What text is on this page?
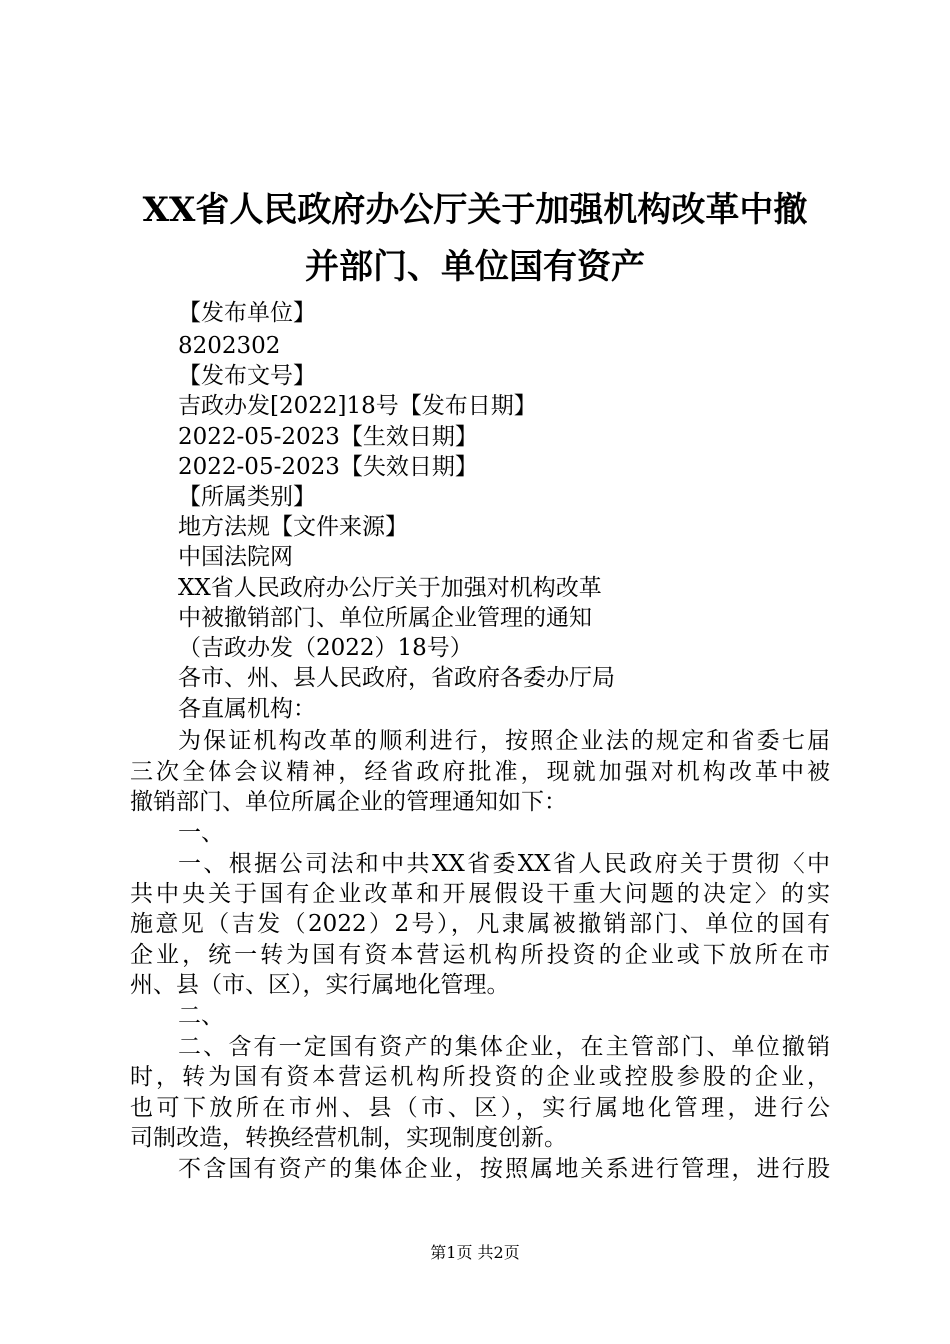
XX省人民政府办公厅关于加强机构改革中撤
并部门、单位国有资产
【发布单位】
8202302
【发布文号】
吉政办发[2022]18号【发布日期】
2022-05-2023【生效日期】
2022-05-2023【失效日期】
【所属类别】
地方法规【文件来源】
中国法院网
XX省人民政府办公厅关于加强对机构改革
中被撤销部门、单位所属企业管理的通知
（吉政办发（2022）18号）
各市、州、县人民政府，省政府各委办厅局
各直属机构：
为保证机构改革的顺利进行，按照企业法的规定和省委七届
三次全体会议精神，经省政府批准，现就加强对机构改革中被
撤销部门、单位所属企业的管理通知如下：
一、
一、根据公司法和中共XX省委XX省人民政府关于贯彻〈中
共中央关于国有企业改革和开展假设干重大问题的决定〉的实
施意见（吉发（2022）2号），凡隶属被撤销部门、单位的国有
企业，统一转为国有资本营运机构所投资的企业或下放所在市
州、县（市、区），实行属地化管理。
二、
二、含有一定国有资产的集体企业，在主管部门、单位撤销
时，转为国有资本营运机构所投资的企业或控股参股的企业，
也可下放所在市州、县（市、区），实行属地化管理，进行公
司制改造，转换经营机制，实现制度创新。
不含国有资产的集体企业，按照属地关系进行管理，进行股
第1页 共2页
